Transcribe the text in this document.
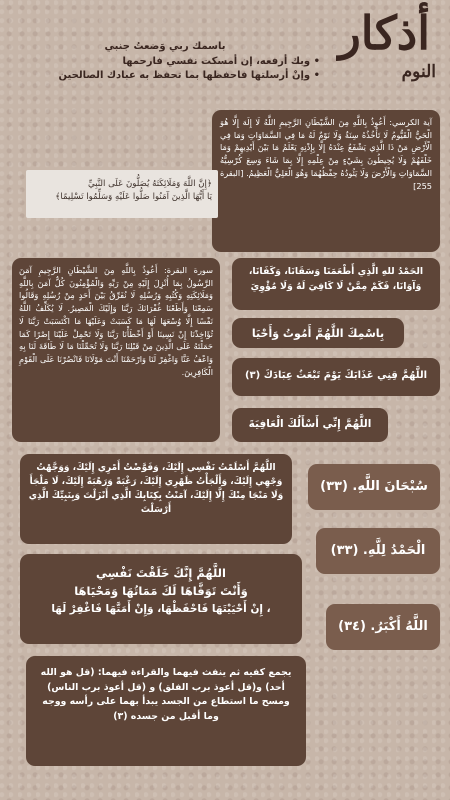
أذكار
النوم
باسمك ربي وَضعتُ جنبي
• وبك أرفعه، إن أمسكت نفسي فارحمها
• وإنْ أرسلتها فاحفظها بما تحفظ به عبادك الصالحين
آية الكرسي: أَعُوذُ بِاللَّهِ مِنَ الشَّيْطَانِ الرَّجِيمِ اللَّهُ لَا إِلَهَ إِلَّا هُوَ الْحَيُّ الْقَيُّومُ لَا تَأْخُذُهُ سِنَةٌ وَلَا نَوْمٌ لَهُ مَا فِي السَّمَاوَاتِ وَمَا فِي الْأَرْضِ مَنْ ذَا الَّذِي يَشْفَعُ عِنْدَهُ إِلَّا بِإِذْنِهِ يَعْلَمُ مَا بَيْنَ أَيْدِيهِمْ وَمَا خَلْفَهُمْ وَلَا يُحِيطُونَ بِشَيْءٍ مِنْ عِلْمِهِ إِلَّا بِمَا شَاءَ وَسِعَ كُرْسِيُّهُ السَّمَاوَاتِ وَالْأَرْضَ وَلَا يَئُودُهُ حِفْظُهُمَا وَهُوَ الْعَلِيُّ الْعَظِيمُ. [البقرة 255]
﴿إِنَّ اللَّهَ وَمَلَائِكَتَهُ يُصَلُّونَ عَلَى النَّبِيِّ
يَا أَيُّهَا الَّذِينَ آمَنُوا صَلُّوا عَلَيْهِ وَسَلِّمُوا تَسْلِيمًا﴾
سورة البقرة: أَعُوذُ بِاللَّهِ مِنَ الشَّيْطَانِ الرَّجِيمِ آمَنَ الرَّسُولُ بِمَا أُنْزِلَ إِلَيْهِ مِنْ رَبِّهِ وَالْمُؤْمِنُونَ كُلٌّ آمَنَ بِاللَّهِ وَمَلَائِكَتِهِ وَكُتُبِهِ وَرُسُلِهِ لَا نُفَرِّقُ بَيْنَ أَحَدٍ مِنْ رُسُلِهِ وَقَالُوا سَمِعْنَا وَأَطَعْنَا غُفْرَانَكَ رَبَّنَا وَإِلَيْكَ الْمَصِيرُ. لَا يُكَلِّفُ اللَّهُ نَفْسًا إِلَّا وُسْعَهَا لَهَا مَا كَسَبَتْ وَعَلَيْهَا مَا اكْتَسَبَتْ رَبَّنَا لَا تُؤَاخِذْنَا إِنْ نَسِينَا أَوْ أَخْطَأْنَا رَبَّنَا وَلَا تَحْمِلْ عَلَيْنَا إِصْرًا كَمَا حَمَلْتَهُ عَلَى الَّذِينَ مِنْ قَبْلِنَا رَبَّنَا وَلَا تُحَمِّلْنَا مَا لَا طَاقَةَ لَنَا بِهِ وَاعْفُ عَنَّا وَاغْفِرْ لَنَا وَارْحَمْنَا أَنْتَ مَوْلَانَا فَانْصُرْنَا عَلَى الْقَوْمِ الْكَافِرِينَ.
الحَمْدُ للهِ الَّذِي أَطْعَمَنَا وَسَقَانَا، وَكَفَانَا، وَآوَانَا، فَكَمْ مِمَّنْ لَا كَافِيَ لَهُ وَلَا مُؤْوِيَ
بِاسْمِكَ اللَّهُمَّ أَمُوتُ وَأَحْيَا
اللَّهُمَّ قِنِي عَذَابَكَ يَوْمَ تَبْعَثُ عِبَادَكَ (٣)
اللَّهُمَّ إِنِّي أَسْأَلُكَ الْعَافِيَةَ
اللَّهُمَّ أَسْلَمْتُ نَفْسِي إِلَيْكَ، وَفَوَّضْتُ أَمْرِي إِلَيْكَ، وَوَجَّهْتُ وَجْهِي إِلَيْكَ، وَأَلْجَأْتُ ظَهْرِي إِلَيْكَ، رَغْبَةً وَرَهْبَةً إِلَيْكَ، لَا مَلْجَأَ وَلَا مَنْجَا مِنْكَ إِلَّا إِلَيْكَ، آمَنْتُ بِكِتَابِكَ الَّذِي أَنْزَلْتَ وَبِنَبِيِّكَ الَّذِي أَرْسَلْتَ
سُبْحَانَ اللَّهِ. (٣٣)
الْحَمْدُ لِلَّهِ. (٣٣)
اللَّهُ أَكْبَرُ. (٣٤)
اللَّهُمَّ إِنَّكَ خَلَقْتَ نَفْسِي
وَأَنْتَ تَوَفَّاهَا لَكَ مَمَاتُهَا وَمَحْيَاهَا
، إِنْ أَحْيَيْتَهَا فَاحْفَظْهَا، وَإِنْ أَمَتَّهَا فَاغْفِرْ لَهَا
يجمع كفيه ثم ينفث فيهما والقراءة فيهما: (قل هو الله أحد) و(قل أعوذ برب الفلق) و (قل أعوذ برب الناس) ومسح ما استطاع من الجسد يبدأ بهما على رأسه ووجه وما أقبل من جسده (٣)
